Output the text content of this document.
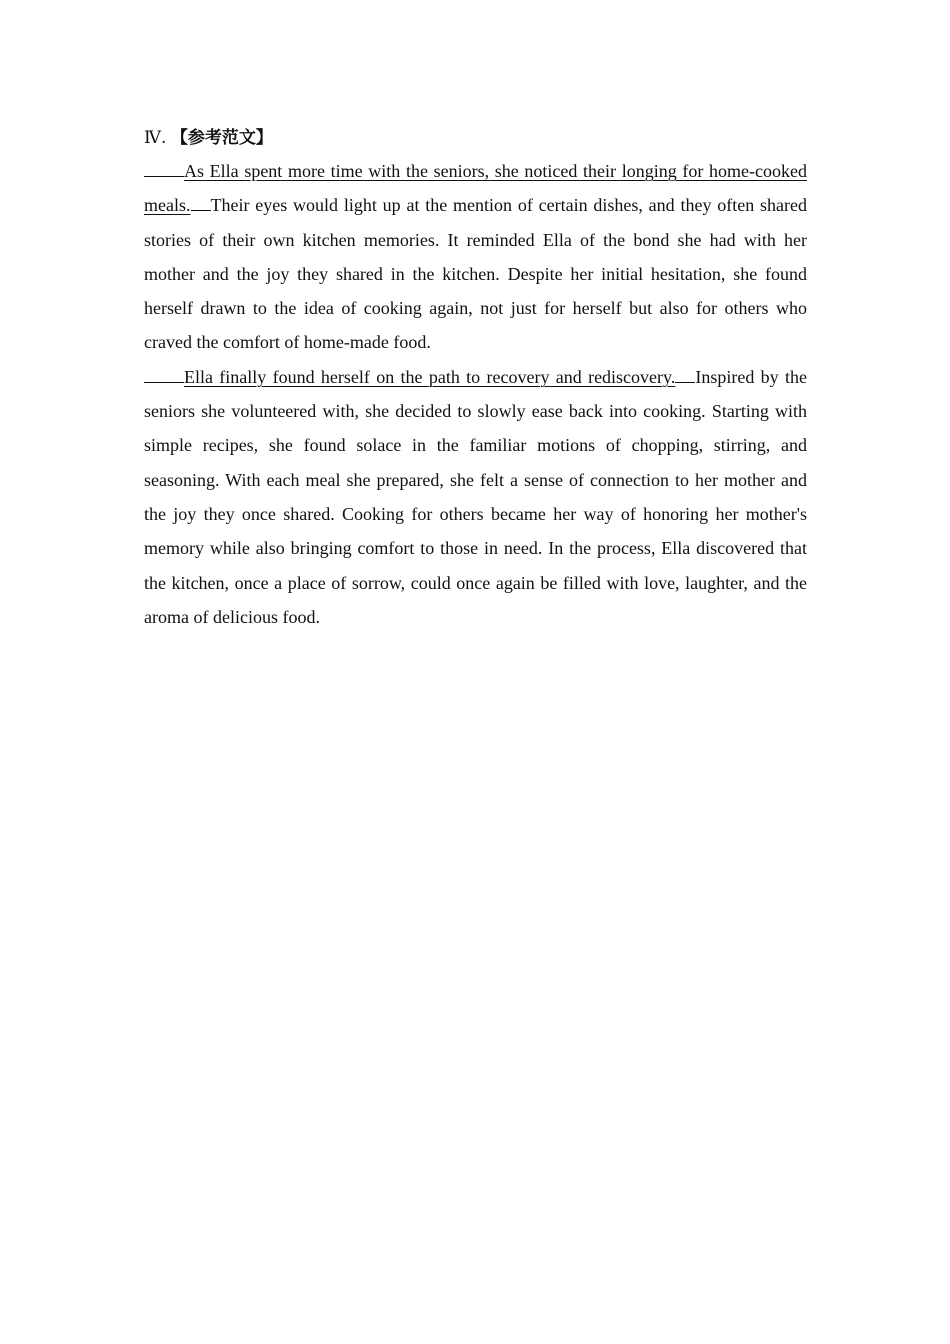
Ⅳ. 【参考范文】

As Ella spent more time with the seniors, she noticed their longing for home-cooked meals. Their eyes would light up at the mention of certain dishes, and they often shared stories of their own kitchen memories. It reminded Ella of the bond she had with her mother and the joy they shared in the kitchen. Despite her initial hesitation, she found herself drawn to the idea of cooking again, not just for herself but also for others who craved the comfort of home-made food.

Ella finally found herself on the path to recovery and rediscovery. Inspired by the seniors she volunteered with, she decided to slowly ease back into cooking. Starting with simple recipes, she found solace in the familiar motions of chopping, stirring, and seasoning. With each meal she prepared, she felt a sense of connection to her mother and the joy they once shared. Cooking for others became her way of honoring her mother's memory while also bringing comfort to those in need. In the process, Ella discovered that the kitchen, once a place of sorrow, could once again be filled with love, laughter, and the aroma of delicious food.
